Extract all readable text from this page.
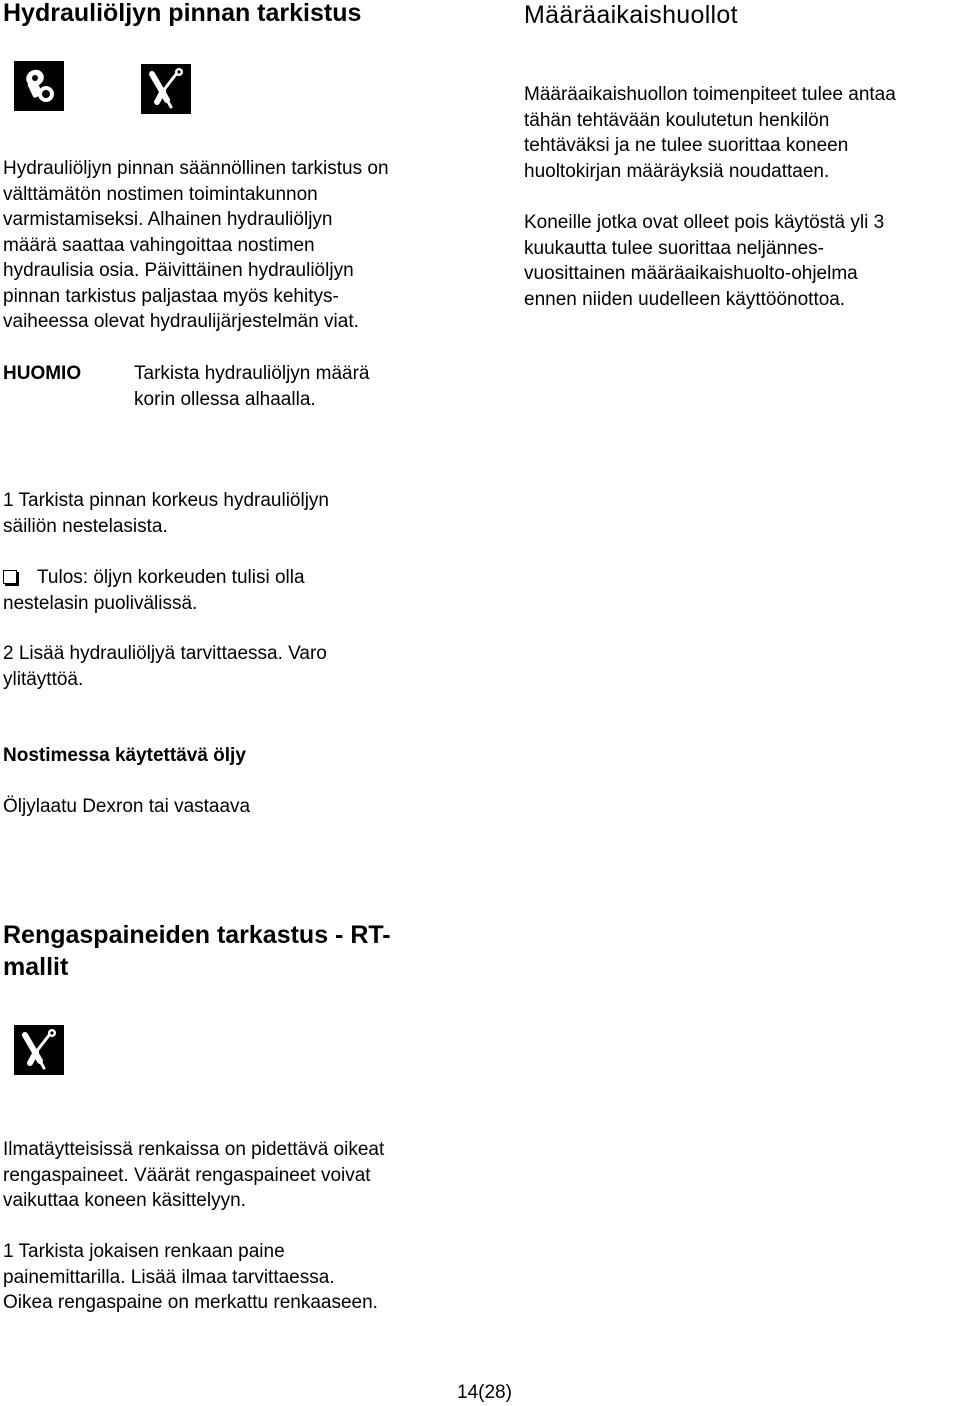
Hydrauliöljyn pinnan tarkistus

Hydrauliöljyn pinnan säännöllinen tarkistus on

välttämätön nostimen toimintakunnon

varmistamiseksi. Alhainen hydrauliöljyn

määrä saattaa vahingoittaa nostimen

hydraulisia osia. Päivittäinen hydrauliöljyn

pinnan tarkistus paljastaa myös kehitys-

vaiheessa olevat hydraulijärjestelmän viat.

HUOMIO	Tarkista hydrauliöljyn määrä

korin ollessa alhaalla.

1 Tarkista pinnan korkeus hydrauliöljyn

säiliön nestelasista.

Tulos: öljyn korkeuden tulisi olla

nestelasin puolivälissä.

2 Lisää hydrauliöljyä tarvittaessa. Varo

ylitäyttöä.

Nostimessa käytettävä öljy

Öljylaatu Dexron tai vastaava

Rengaspaineiden tarkastus - RT-

mallit

Ilmatäytteisissä renkaissa on pidettävä oikeat

rengaspaineet. Väärät rengaspaineet voivat

vaikuttaa koneen käsittelyyn.

1 Tarkista jokaisen renkaan paine

painemittarilla. Lisää ilmaa tarvittaessa.

Oikea rengaspaine on merkattu renkaaseen.

Määräaikaishuollot

Määräaikaishuollon toimenpiteet tulee antaa

tähän tehtävään koulutetun henkilön

tehtäväksi ja ne tulee suorittaa koneen

huoltokirjan määräyksiä noudattaen.

Koneille jotka ovat olleet pois käytöstä yli 3

kuukautta tulee suorittaa neljännes-

vuosittainen määräaikaishuolto-ohjelma

ennen niiden uudelleen käyttöönottoa.

14(28)
